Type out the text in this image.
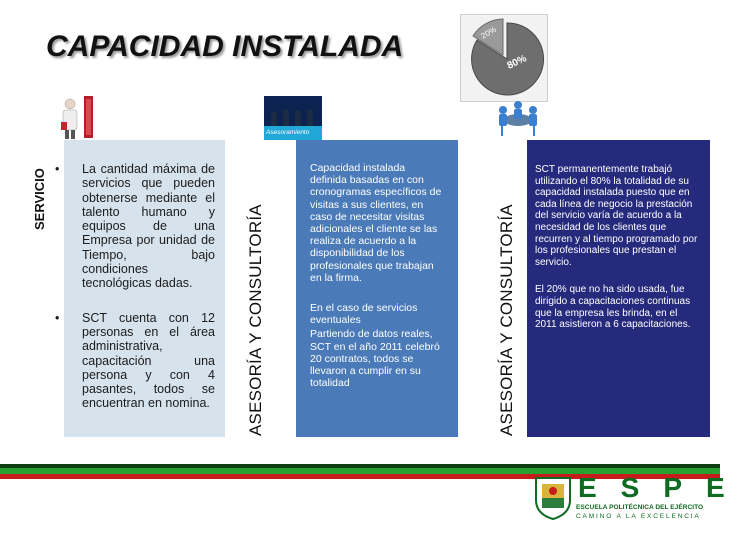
CAPACIDAD INSTALADA	20%
80%
Asesoramiento
SERVICIO
ASESORÍA Y CONSULTORÍA	ASESORÍA Y CONSULTORÍA
• La cantidad máxima de servicios que pueden obtenerse mediante el talento humano y equipos de una Empresa por unidad de Tiempo, bajo condiciones tecnológicas dadas.
• SCT cuenta con 12 personas en el área administrativa, capacitación una persona y con 4 pasantes, todos se encuentran en nomina.
• Capacidad instalada definida basadas en con cronogramas específicos de visitas a sus clientes, en caso de necesitar visitas adicionales el cliente se las realiza de acuerdo a la disponibilidad de los profesionales que trabajan en la firma.
• En el caso de servicios eventuales
• Partiendo de datos reales, SCT en el año 2011 celebró 20 contratos, todos se llevaron a cumplir en su totalidad
• SCT permanentemente trabajó utilizando el 80% la totalidad de su capacidad instalada puesto que en cada línea de negocio la prestación del servicio varía de acuerdo a la necesidad de los clientes que recurren y al tiempo programado por los profesionales que prestan el servicio.
• El 20% que no ha sido usada, fue dirigido a capacitaciones continuas que la empresa les brinda, en el 2011 asistieron a 6 capacitaciones.
ESPE
ESCUELA POLITÉCNICA DEL EJÉRCITO
CAMINO A LA EXCELENCIA
